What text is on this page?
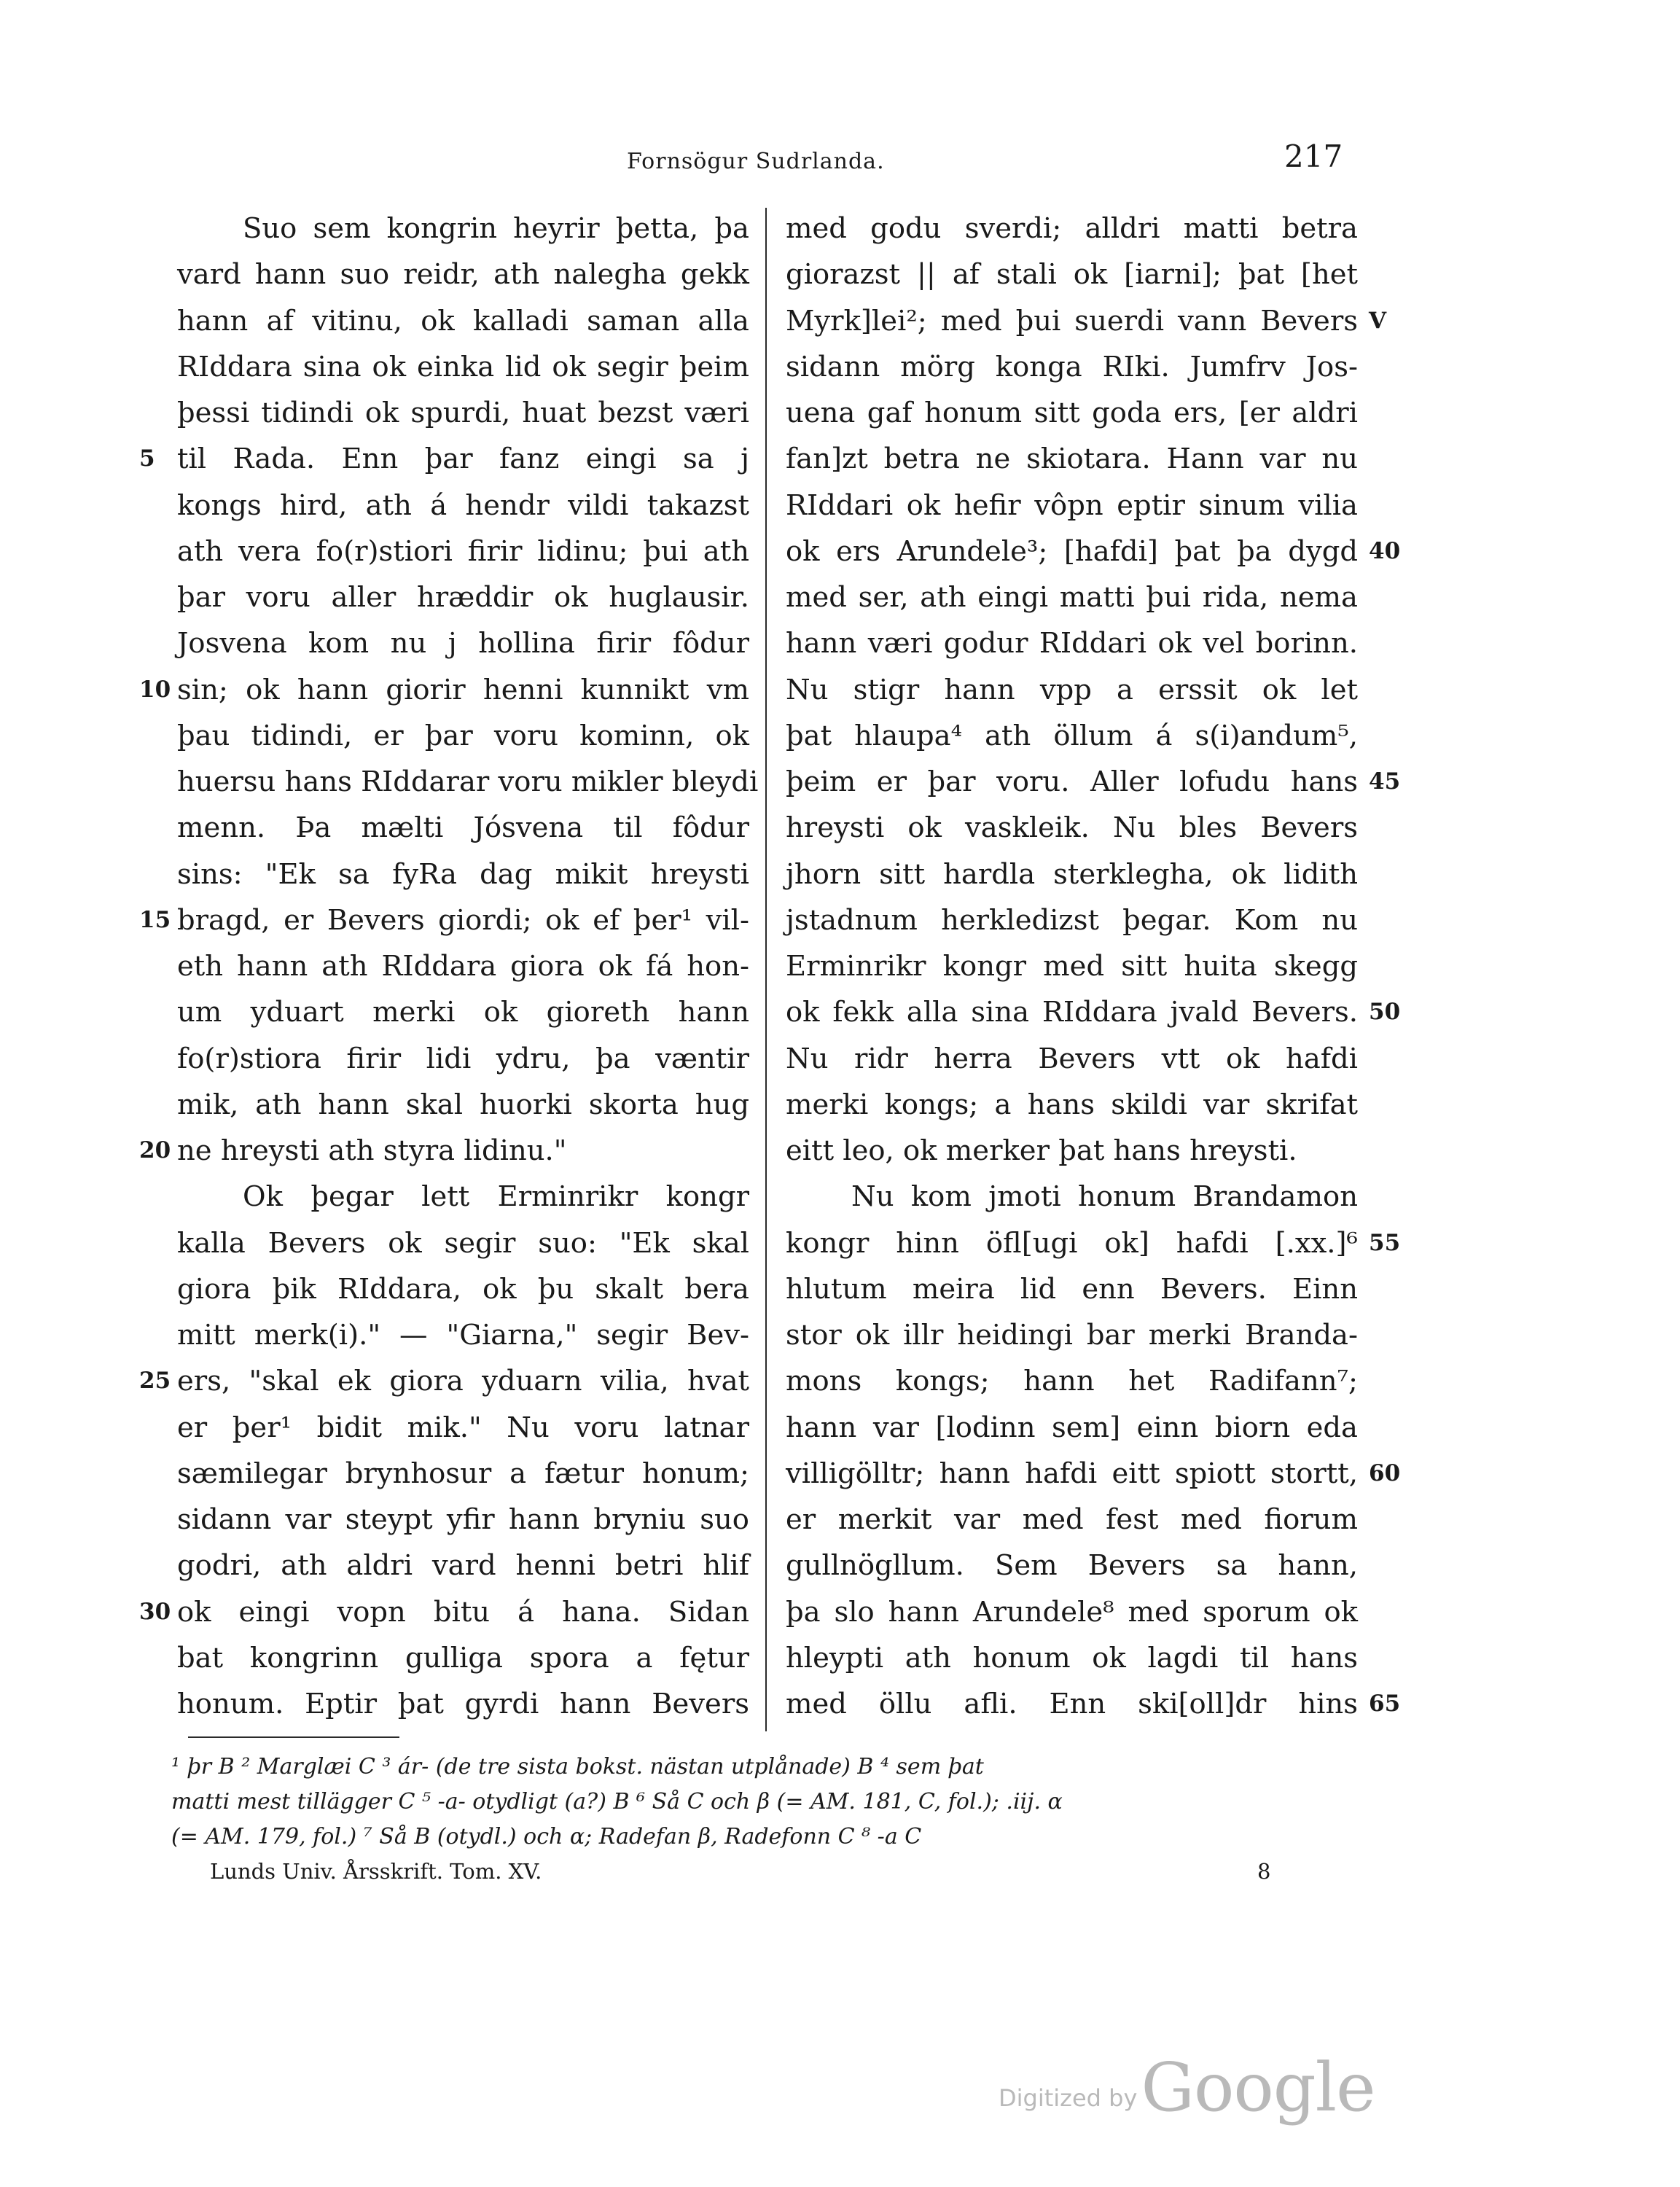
Fornsögur Sudrlanda.	217
Suo sem kongrin heyrir þetta, þa
vard hann suo reidr, ath nalegha gekk
hann af vitinu, ok kalladi saman alla
RIddara sina ok einka lid ok segir þeim
þessi tidindi ok spurdi, huat bezst væri
5 til Rada. Enn þar fanz eingi sa j
kongs hird, ath á hendr vildi takazst
ath vera fo(r)stiori firir lidinu; þui ath
þar voru aller hræddir ok huglausir.
Josvena kom nu j hollina firir fôdur
10 sin; ok hann giorir henni kunnikt vm
þau tidindi, er þar voru kominn, ok
huersu hans RIddarar voru mikler bleydi
menn. Þa mælti Jósvena til fôdur
sins: "Ek sa fyRa dag mikit hreysti
15 bragd, er Bevers giordi; ok ef þer¹ vil-
eth hann ath RIddara giora ok fá hon-
um yduart merki ok gioreth hann
fo(r)stiora firir lidi ydru, þa væntir
mik, ath hann skal huorki skorta hug
20 ne hreysti ath styra lidinu."
Ok þegar lett Erminrikr kongr
kalla Bevers ok segir suo: "Ek skal
giora þik RIddara, ok þu skalt bera
mitt merk(i)." — "Giarna," segir Bev-
25 ers, "skal ek giora yduarn vilia, hvat
er þer¹ bidit mik." Nu voru latnar
sæmilegar brynhosur a fætur honum;
sidann var steypt yfir hann bryniu suo
godri, ath aldri vard henni betri hlif
30 ok eingi vopn bitu á hana. Sidan
bat kongrinn gulliga spora a fętur
honum. Eptir þat gyrdi hann Bevers
med godu sverdi; alldri matti betra
giorazst || af stali ok [iarni]; þat [het
V
Myrk]lei²; med þui suerdi vann Bevers
sidann mörg konga RIki. Jumfrv Jos-
uena gaf honum sitt goda ers, [er aldri
fan]zt betra ne skiotara. Hann var nu
RIddari ok hefir vôpn eptir sinum vilia
40
ok ers Arundele³; [hafdi] þat þa dygd
med ser, ath eingi matti þui rida, nema
hann væri godur RIddari ok vel borinn.
Nu stigr hann vpp a erssit ok let
þat hlaupa⁴ ath öllum á s(i)andum⁵,
45
þeim er þar voru. Aller lofudu hans
hreysti ok vaskleik. Nu bles Bevers
jhorn sitt hardla sterklegha, ok lidith
jstadnum herkledizst þegar. Kom nu
Erminrikr kongr med sitt huita skegg
50
ok fekk alla sina RIddara jvald Bevers.
Nu ridr herra Bevers vtt ok hafdi
merki kongs; a hans skildi var skrifat
eitt leo, ok merker þat hans hreysti.
Nu kom jmoti honum Brandamon
55
kongr hinn öfl[ugi ok] hafdi [.xx.]⁶
hlutum meira lid enn Bevers. Einn
stor ok illr heidingi bar merki Branda-
mons kongs; hann het Radifann⁷;
hann var [lodinn sem] einn biorn eda
60
villigölltr; hann hafdi eitt spiott stortt,
er merkit var med fest med fiorum
gullnögllum. Sem Bevers sa hann,
þa slo hann Arundele⁸ med sporum ok
hleypti ath honum ok lagdi til hans
65
med öllu afli. Enn ski[oll]dr hins
¹ þr B ² Marglæi C ³ ár- (de tre sista bokst. nästan utplånade) B ⁴ sem þat
matti mest tillägger C ⁵ -a- otydligt (a?) B ⁶ Så C och β (= AM. 181, C, fol.); .iij. α
(= AM. 179, fol.) ⁷ Så B (otydl.) och α; Radefan β, Radefonn C ⁸ -a C
Lunds Univ. Årsskrift. Tom. XV.	8
Digitized by Google
